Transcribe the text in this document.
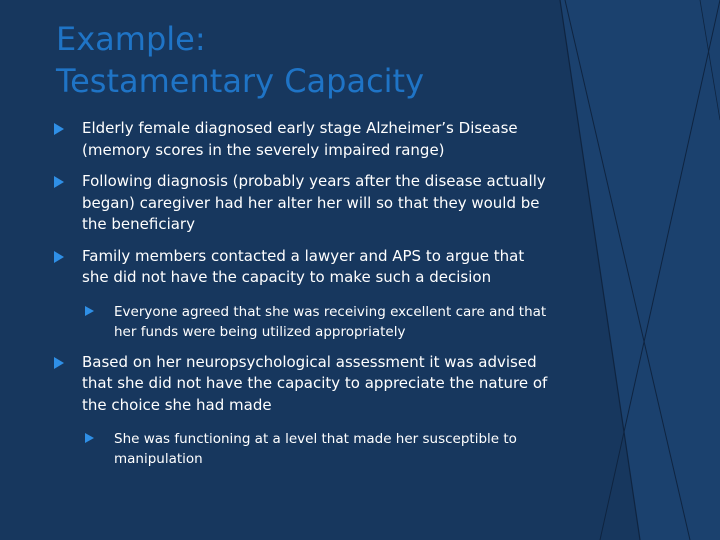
Example:
Testamentary Capacity
Elderly female diagnosed early stage Alzheimer’s Disease (memory scores in the severely impaired range)
Following diagnosis (probably years after the disease actually began) caregiver had her alter her will so that they would be the beneficiary
Family members contacted a lawyer and APS to argue that she did not have the capacity to make such a decision
Everyone agreed that she was receiving excellent care and that her funds were being utilized appropriately
Based on her neuropsychological assessment it was advised that she did not have the capacity to appreciate the nature of the choice she had made
She was functioning at a level that made her susceptible to manipulation
